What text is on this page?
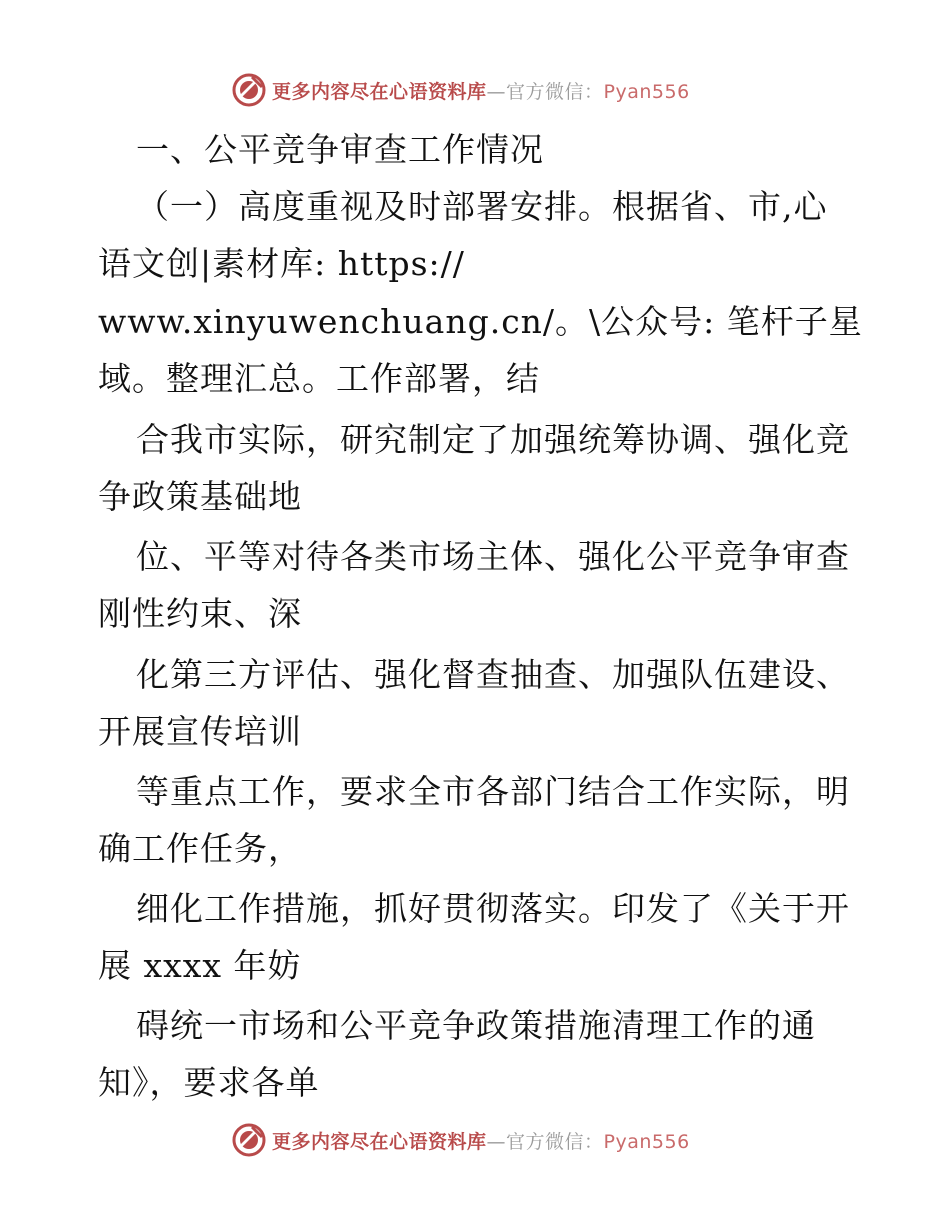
更多内容尽在心语资料库—官方微信：Pyan556
一、公平竞争审查工作情况
（一）高度重视及时部署安排。根据省、市,心
语文创|素材库: https://
www.xinyuwenchuang.cn/。\公众号: 笔杆子星
域。整理汇总。工作部署，结
合我市实际，研究制定了加强统筹协调、强化竞
争政策基础地
位、平等对待各类市场主体、强化公平竞争审查
刚性约束、深
化第三方评估、强化督查抽查、加强队伍建设、
开展宣传培训
等重点工作，要求全市各部门结合工作实际，明
确工作任务，
细化工作措施，抓好贯彻落实。印发了《关于开
展 xxxx 年妨
碍统一市场和公平竞争政策措施清理工作的通
知》，要求各单
更多内容尽在心语资料库—官方微信：Pyan556
